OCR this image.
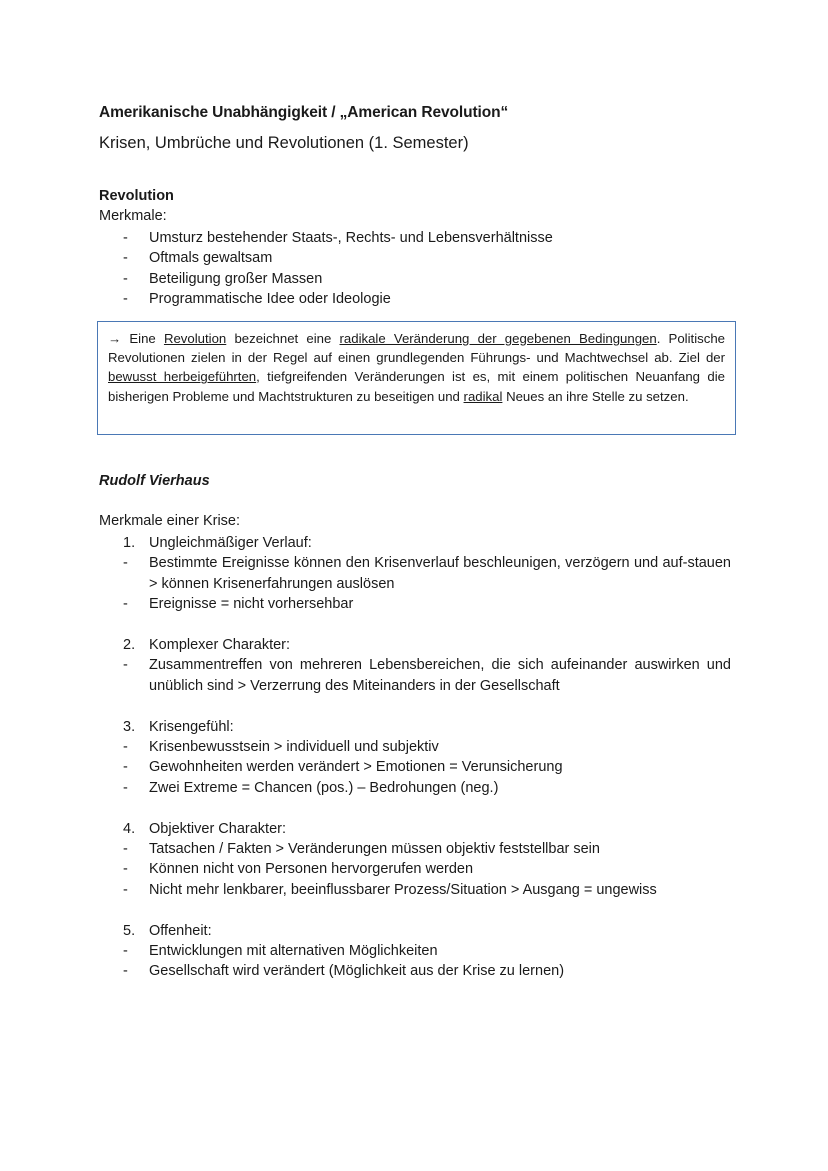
Amerikanische Unabhängigkeit / „American Revolution“
Krisen, Umbrüche und Revolutionen (1. Semester)
Revolution
Merkmale:
- Umsturz bestehender Staats-, Rechts- und Lebensverhältnisse
- Oftmals gewaltsam
- Beteiligung großer Massen
- Programmatische Idee oder Ideologie
→ Eine Revolution bezeichnet eine radikale Veränderung der gegebenen Bedingungen. Politische Revolutionen zielen in der Regel auf einen grundlegenden Führungs- und Machtwechsel ab. Ziel der bewusst herbeigeführten, tiefgreifenden Veränderungen ist es, mit einem politischen Neuanfang die bisherigen Probleme und Machtstrukturen zu beseitigen und radikal Neues an ihre Stelle zu setzen.
Rudolf Vierhaus
Merkmale einer Krise:
1. Ungleichmäßiger Verlauf:
- Bestimmte Ereignisse können den Krisenverlauf beschleunigen, verzögern und auf-stauen > können Krisenerfahrungen auslösen
- Ereignisse = nicht vorhersehbar
2. Komplexer Charakter:
- Zusammentreffen von mehreren Lebensbereichen, die sich aufeinander auswirken und unüblich sind > Verzerrung des Miteinanders in der Gesellschaft
3. Krisengefühl:
- Krisenbewusstsein > individuell und subjektiv
- Gewohnheiten werden verändert > Emotionen = Verunsicherung
- Zwei Extreme = Chancen (pos.) – Bedrohungen (neg.)
4. Objektiver Charakter:
- Tatsachen / Fakten > Veränderungen müssen objektiv feststellbar sein
- Können nicht von Personen hervorgerufen werden
- Nicht mehr lenkbarer, beeinflussbarer Prozess/Situation > Ausgang = ungewiss
5. Offenheit:
- Entwicklungen mit alternativen Möglichkeiten
- Gesellschaft wird verändert (Möglichkeit aus der Krise zu lernen)
